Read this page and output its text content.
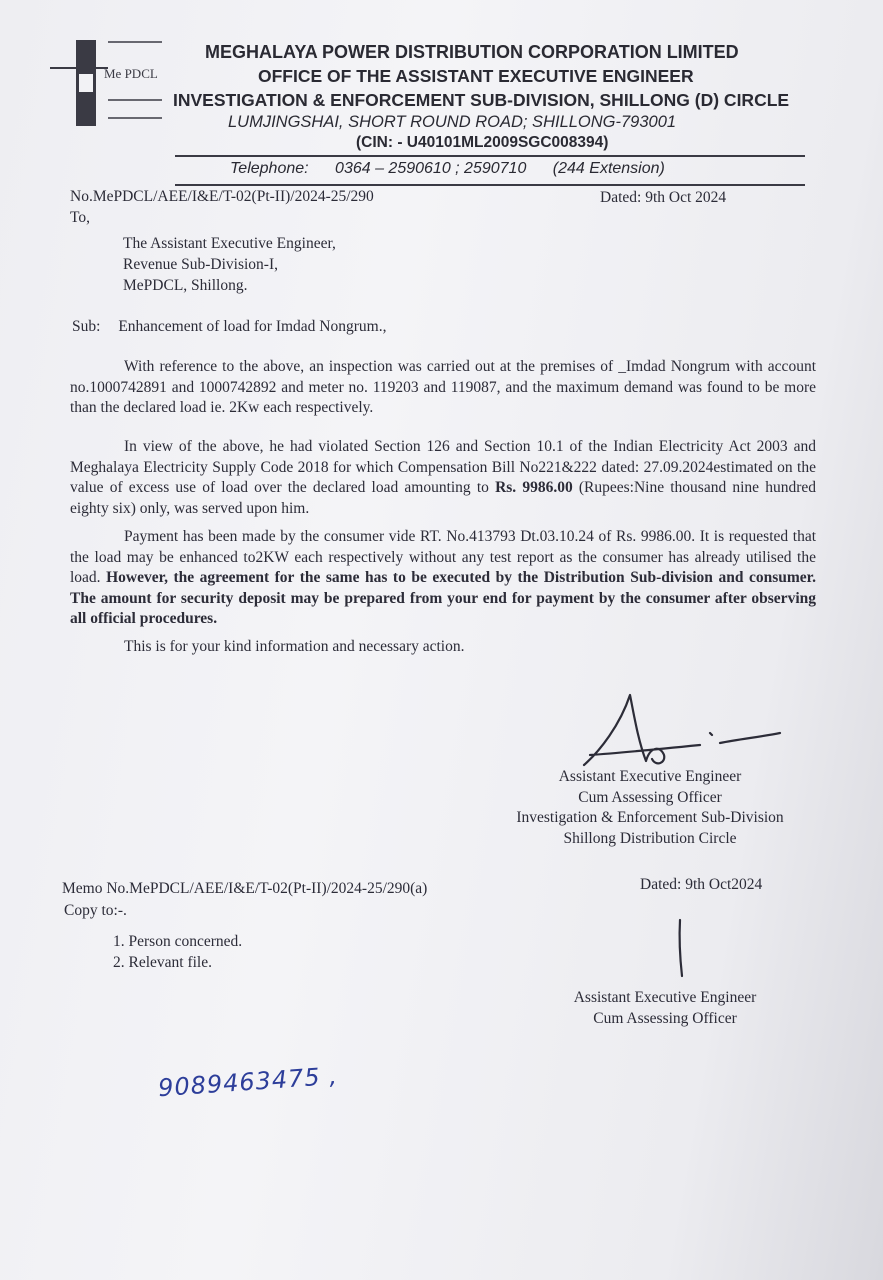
Me PDCL
MEGHALAYA POWER DISTRIBUTION CORPORATION LIMITED
OFFICE OF THE ASSISTANT EXECUTIVE ENGINEER
INVESTIGATION & ENFORCEMENT SUB-DIVISION, SHILLONG (D) CIRCLE
LUMJINGSHAI, SHORT ROUND ROAD; SHILLONG-793001
(CIN: - U40101ML2009SGC008394)
Telephone: 0364 – 2590610 ; 2590710 (244 Extension)
No.MePDCL/AEE/I&E/T-02(Pt-II)/2024-25/290	Dated: 9th Oct 2024
To,
The Assistant Executive Engineer,
Revenue Sub-Division-I,
MePDCL, Shillong.
Sub: Enhancement of load for Imdad Nongrum.,
With reference to the above, an inspection was carried out at the premises of _Imdad Nongrum with account no.1000742891 and 1000742892 and meter no. 119203 and 119087, and the maximum demand was found to be more than the declared load ie. 2Kw each respectively.
In view of the above, he had violated Section 126 and Section 10.1 of the Indian Electricity Act 2003 and Meghalaya Electricity Supply Code 2018 for which Compensation Bill No221&222 dated: 27.09.2024estimated on the value of excess use of load over the declared load amounting to Rs. 9986.00 (Rupees:Nine thousand nine hundred eighty six) only, was served upon him.
Payment has been made by the consumer vide RT. No.413793 Dt.03.10.24 of Rs. 9986.00. It is requested that the load may be enhanced to2KW each respectively without any test report as the consumer has already utilised the load. However, the agreement for the same has to be executed by the Distribution Sub-division and consumer. The amount for security deposit may be prepared from your end for payment by the consumer after observing all official procedures.
This is for your kind information and necessary action.
Assistant Executive Engineer
Cum Assessing Officer
Investigation & Enforcement Sub-Division
Shillong Distribution Circle
Memo No.MePDCL/AEE/I&E/T-02(Pt-II)/2024-25/290(a)	Dated: 9th Oct2024
Copy to:-.
1. Person concerned.
2. Relevant file.
Assistant Executive Engineer
Cum Assessing Officer
9089463475 ,
